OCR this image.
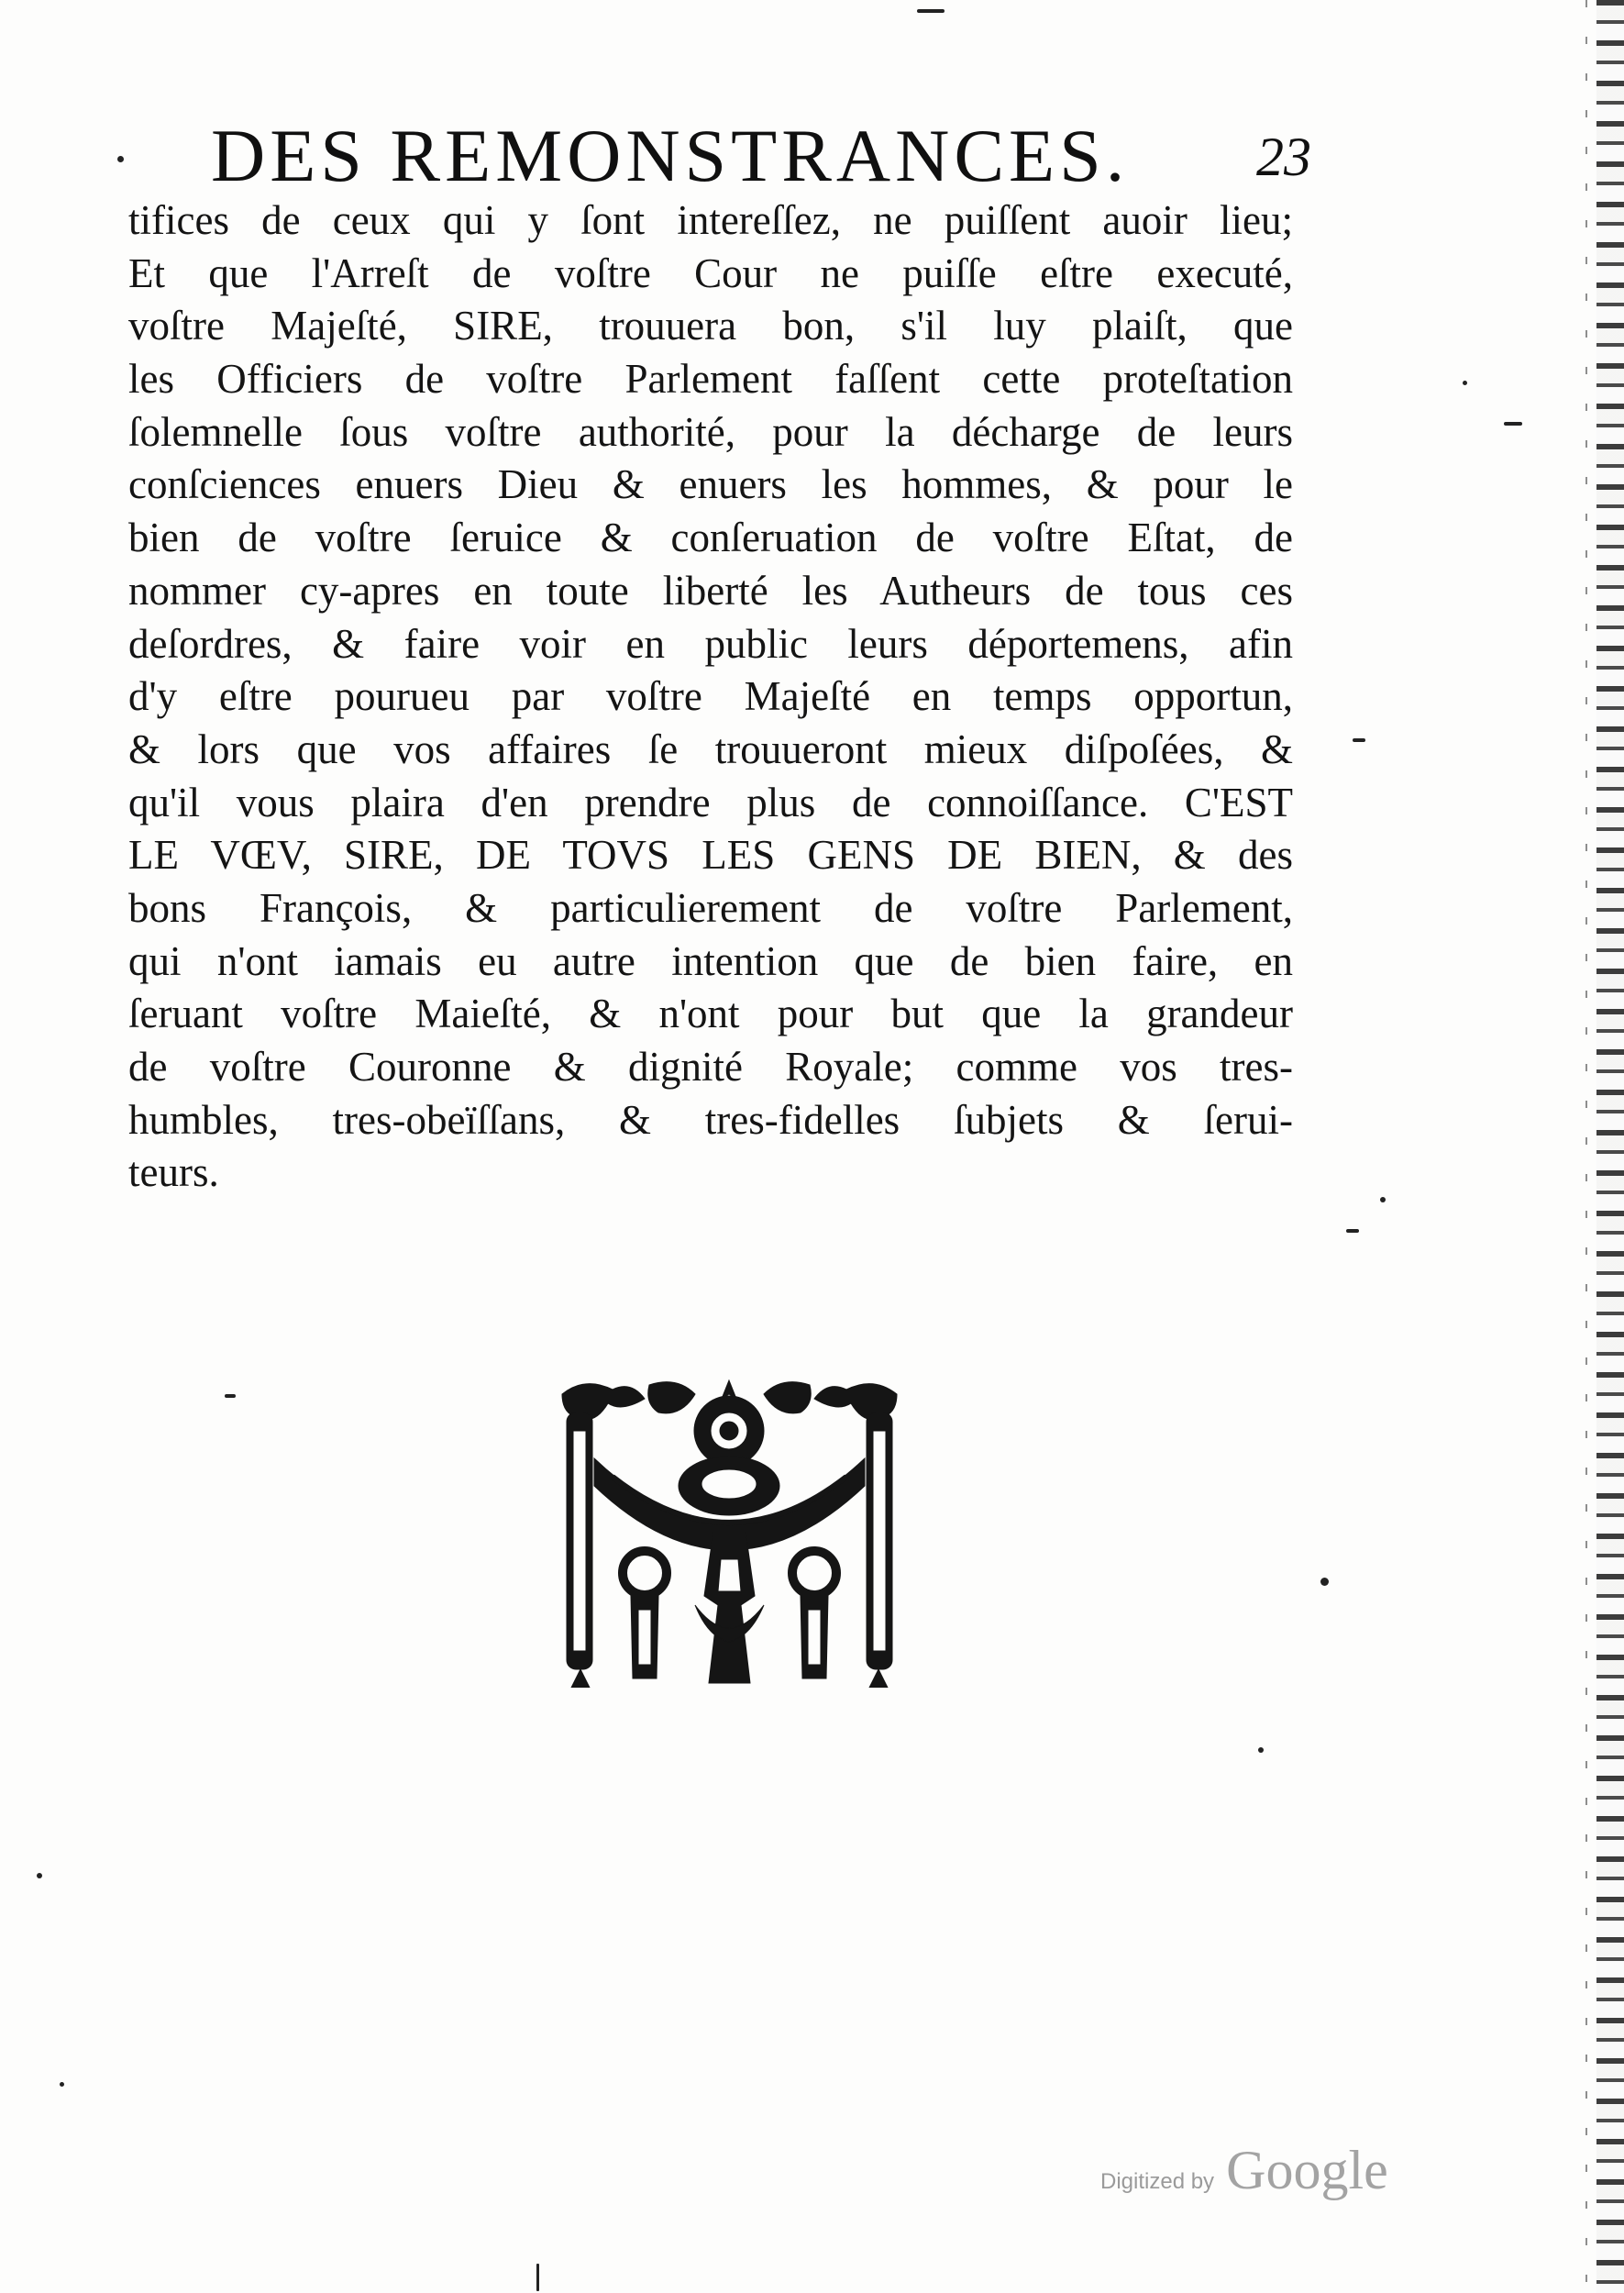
DES REMONSTRANCES. 23
tifices de ceux qui y ſont intereſſez, ne puiſſent auoir lieu;
Et que l'Arreſt de voſtre Cour ne puiſſe eſtre executé,
voſtre Majeſté, SIRE, trouuera bon, s'il luy plaiſt, que
les Officiers de voſtre Parlement faſſent cette proteſtation
ſolemnelle ſous voſtre authorité, pour la décharge de leurs
conſciences enuers Dieu & enuers les hommes, & pour le
bien de voſtre ſeruice & conſeruation de voſtre Eſtat, de
nommer cy-apres en toute liberté les Autheurs de tous ces
deſordres, & faire voir en public leurs déportemens, afin
d'y eſtre pourueu par voſtre Majeſté en temps opportun,
& lors que vos affaires ſe trouueront mieux diſpoſées, &
qu'il vous plaira d'en prendre plus de connoiſſance. C'EST
LE VŒV, SIRE, DE TOVS LES GENS DE BIEN, & des
bons François, & particulierement de voſtre Parlement,
qui n'ont iamais eu autre intention que de bien faire, en
ſeruant voſtre Maieſté, & n'ont pour but que la grandeur
de voſtre Couronne & dignité Royale; comme vos tres-
humbles, tres-obeïſſans, & tres-fidelles ſubjets & ſerui-
teurs.
Digitized by Google
